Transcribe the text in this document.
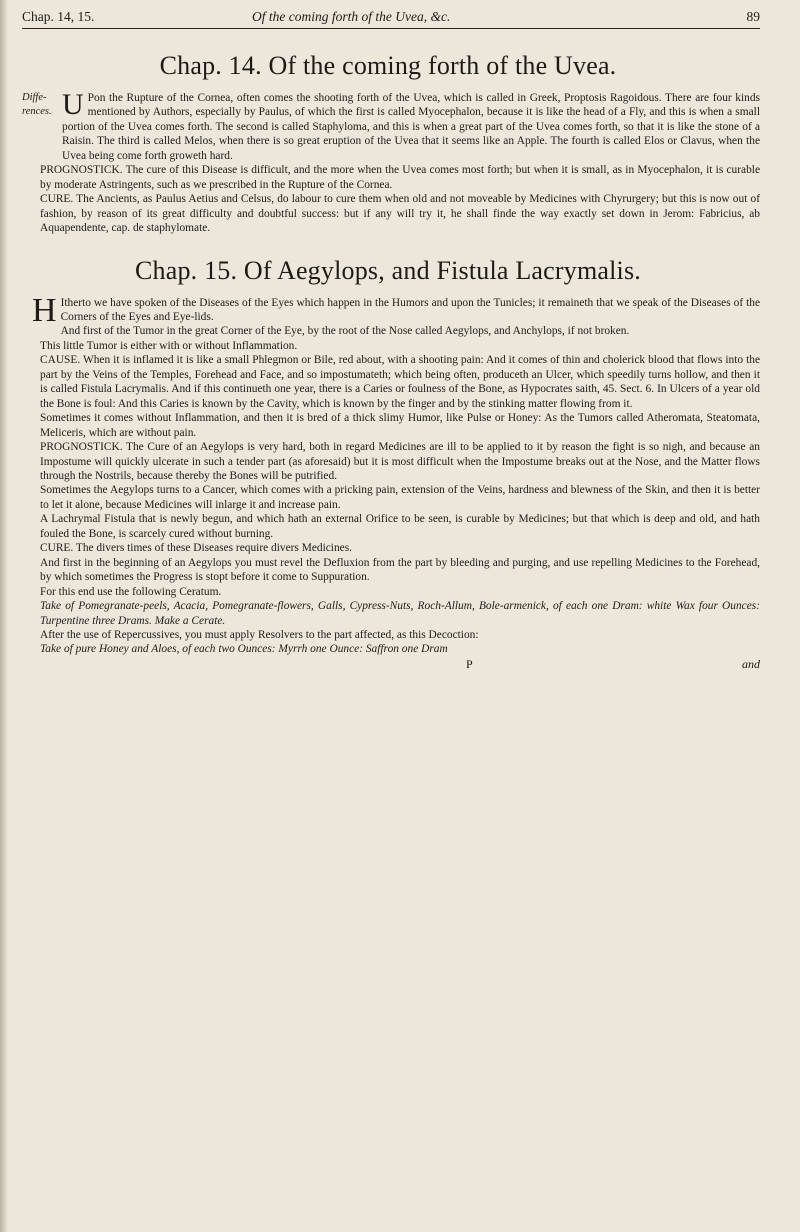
Chap. 14, 15.	Of the coming forth of the Uvea, &c.	89
Chap. 14. Of the coming forth of the Uvea.
Diffe-rences. U Pon the Rupture of the Cornea, often comes the shooting forth of the Uvea, which is called in Greek, Proptosis Ragoidous. There are four kinds mentioned by Authors, especially by Paulus, of which the first is called Myocephalon, because it is like the head of a Fly, and this is when a small portion of the Uvea comes forth. The second is called Staphyloma, and this is when a great part of the Uvea comes forth, so that it is like the stone of a Raisin. The third is called Melos, when there is so great eruption of the Uvea that it seems like an Apple. The fourth is called Elos or Clavus, when the Uvea being come forth groweth hard.

PROGNOSTICK. The cure of this Disease is difficult, and the more when the Uvea comes most forth; but when it is small, as in Myocephalon, it is curable by moderate Astringents, such as we prescribed in the Rupture of the Cornea.

CURE. The Ancients, as Paulus Aetius and Celsus, do labour to cure them when old and not moveable by Medicines with Chyrurgery; but this is now out of fashion, by reason of its great difficulty and doubtful success: but if any will try it, he shall finde the way exactly set down in Jerom: Fabricius, ab Aquapendente, cap. de staphylomate.

Chap. 15. Of Aegylops, and Fistula Lacrymalis.

H Itherto we have spoken of the Diseases of the Eyes which happen in the Humors and upon the Tunicles; it remaineth that we speak of the Diseases of the Corners of the Eyes and Eye-lids.

And first of the Tumor in the great Corner of the Eye, by the root of the Nose called Aegylops, and Anchylops, if not broken.

This little Tumor is either with or without Inflammation.

CAUSE. When it is inflamed it is like a small Phlegmon or Bile, red about, with a shooting pain: And it comes of thin and cholerick blood that flows into the part by the Veins of the Temples, Forehead and Face, and so impostumateth; which being often, produceth an Ulcer, which speedily turns hollow, and then it is called Fistula Lacrymalis. And if this continueth one year, there is a Caries or foulness of the Bone, as Hypocrates saith, 45. Sect. 6. In Ulcers of a year old the Bone is foul: And this Caries is known by the Cavity, which is known by the finger and by the stinking matter flowing from it.

Sometimes it comes without Inflammation, and then it is bred of a thick slimy Humor, like Pulse or Honey: As the Tumors called Atheromata, Steatomata, Meliceris, which are without pain.

PROGNOSTICK. The Cure of an Aegylops is very hard, both in regard Medicines are ill to be applied to it by reason the fight is so nigh, and because an Impostume will quickly ulcerate in such a tender part (as aforesaid) but it is most difficult when the Impostume breaks out at the Nose, and the Matter flows through the Nostrils, because thereby the Bones will be putrified.

Sometimes the Aegylops turns to a Cancer, which comes with a pricking pain, extension of the Veins, hardness and blewness of the Skin, and then it is better to let it alone, because Medicines will inlarge it and increase pain.

A Lachrymal Fistula that is newly begun, and which hath an external Orifice to be seen, is curable by Medicines; but that which is deep and old, and hath fouled the Bone, is scarcely cured without burning.

CURE. The divers times of these Diseases require divers Medicines.

And first in the beginning of an Aegylops you must revel the Defluxion from the part by bleeding and purging, and use repelling Medicines to the Forehead, by which sometimes the Progress is stopt before it come to Suppuration.

For this end use the following Ceratum.

Take of Pomegranate-peels, Acacia, Pomegranate-flowers, Galls, Cypress-Nuts, Roch-Allum, Bole-armenick, of each one Dram: white Wax four Ounces: Turpentine three Drams. Make a Cerate.

After the use of Repercussives, you must apply Resolvers to the part affected, as this Decoction:

Take of pure Honey and Aloes, of each two Ounces: Myrrh one Ounce: Saffron one Dram

P	and
